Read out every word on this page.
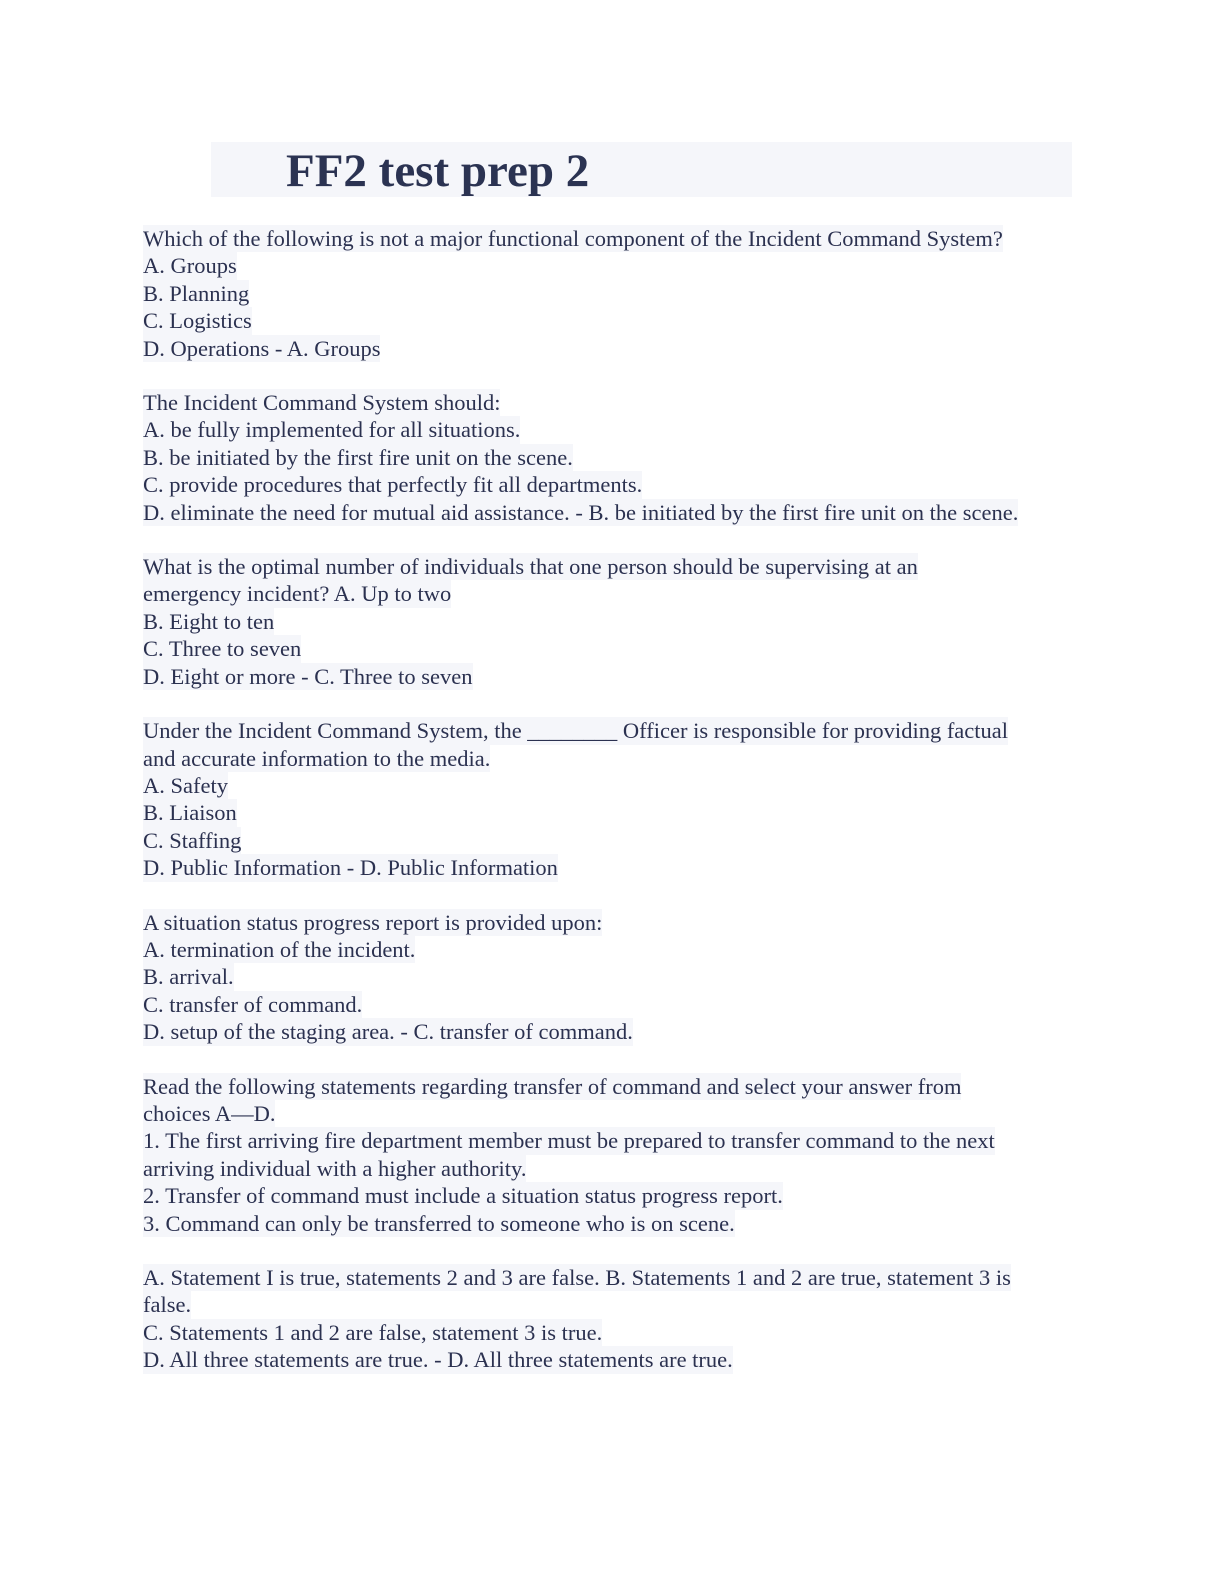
FF2 test prep 2
Which of the following is not a major functional component of the Incident Command System?
A. Groups
B. Planning
C. Logistics
D. Operations - A. Groups
The Incident Command System should:
A. be fully implemented for all situations.
B. be initiated by the first fire unit on the scene.
C. provide procedures that perfectly fit all departments.
D. eliminate the need for mutual aid assistance. - B. be initiated by the first fire unit on the scene.
What is the optimal number of individuals that one person should be supervising at an
emergency incident? A. Up to two
B. Eight to ten
C. Three to seven
D. Eight or more - C. Three to seven
Under the Incident Command System, the ________ Officer is responsible for providing factual
and accurate information to the media.
A. Safety
B. Liaison
C. Staffing
D. Public Information - D. Public Information
A situation status progress report is provided upon:
A. termination of the incident.
B. arrival.
C. transfer of command.
D. setup of the staging area. - C. transfer of command.
Read the following statements regarding transfer of command and select your answer from
choices A—D.
1. The first arriving fire department member must be prepared to transfer command to the next
arriving individual with a higher authority.
2. Transfer of command must include a situation status progress report.
3. Command can only be transferred to someone who is on scene.
A. Statement I is true, statements 2 and 3 are false. B. Statements 1 and 2 are true, statement 3 is
false.
C. Statements 1 and 2 are false, statement 3 is true.
D. All three statements are true. - D. All three statements are true.
